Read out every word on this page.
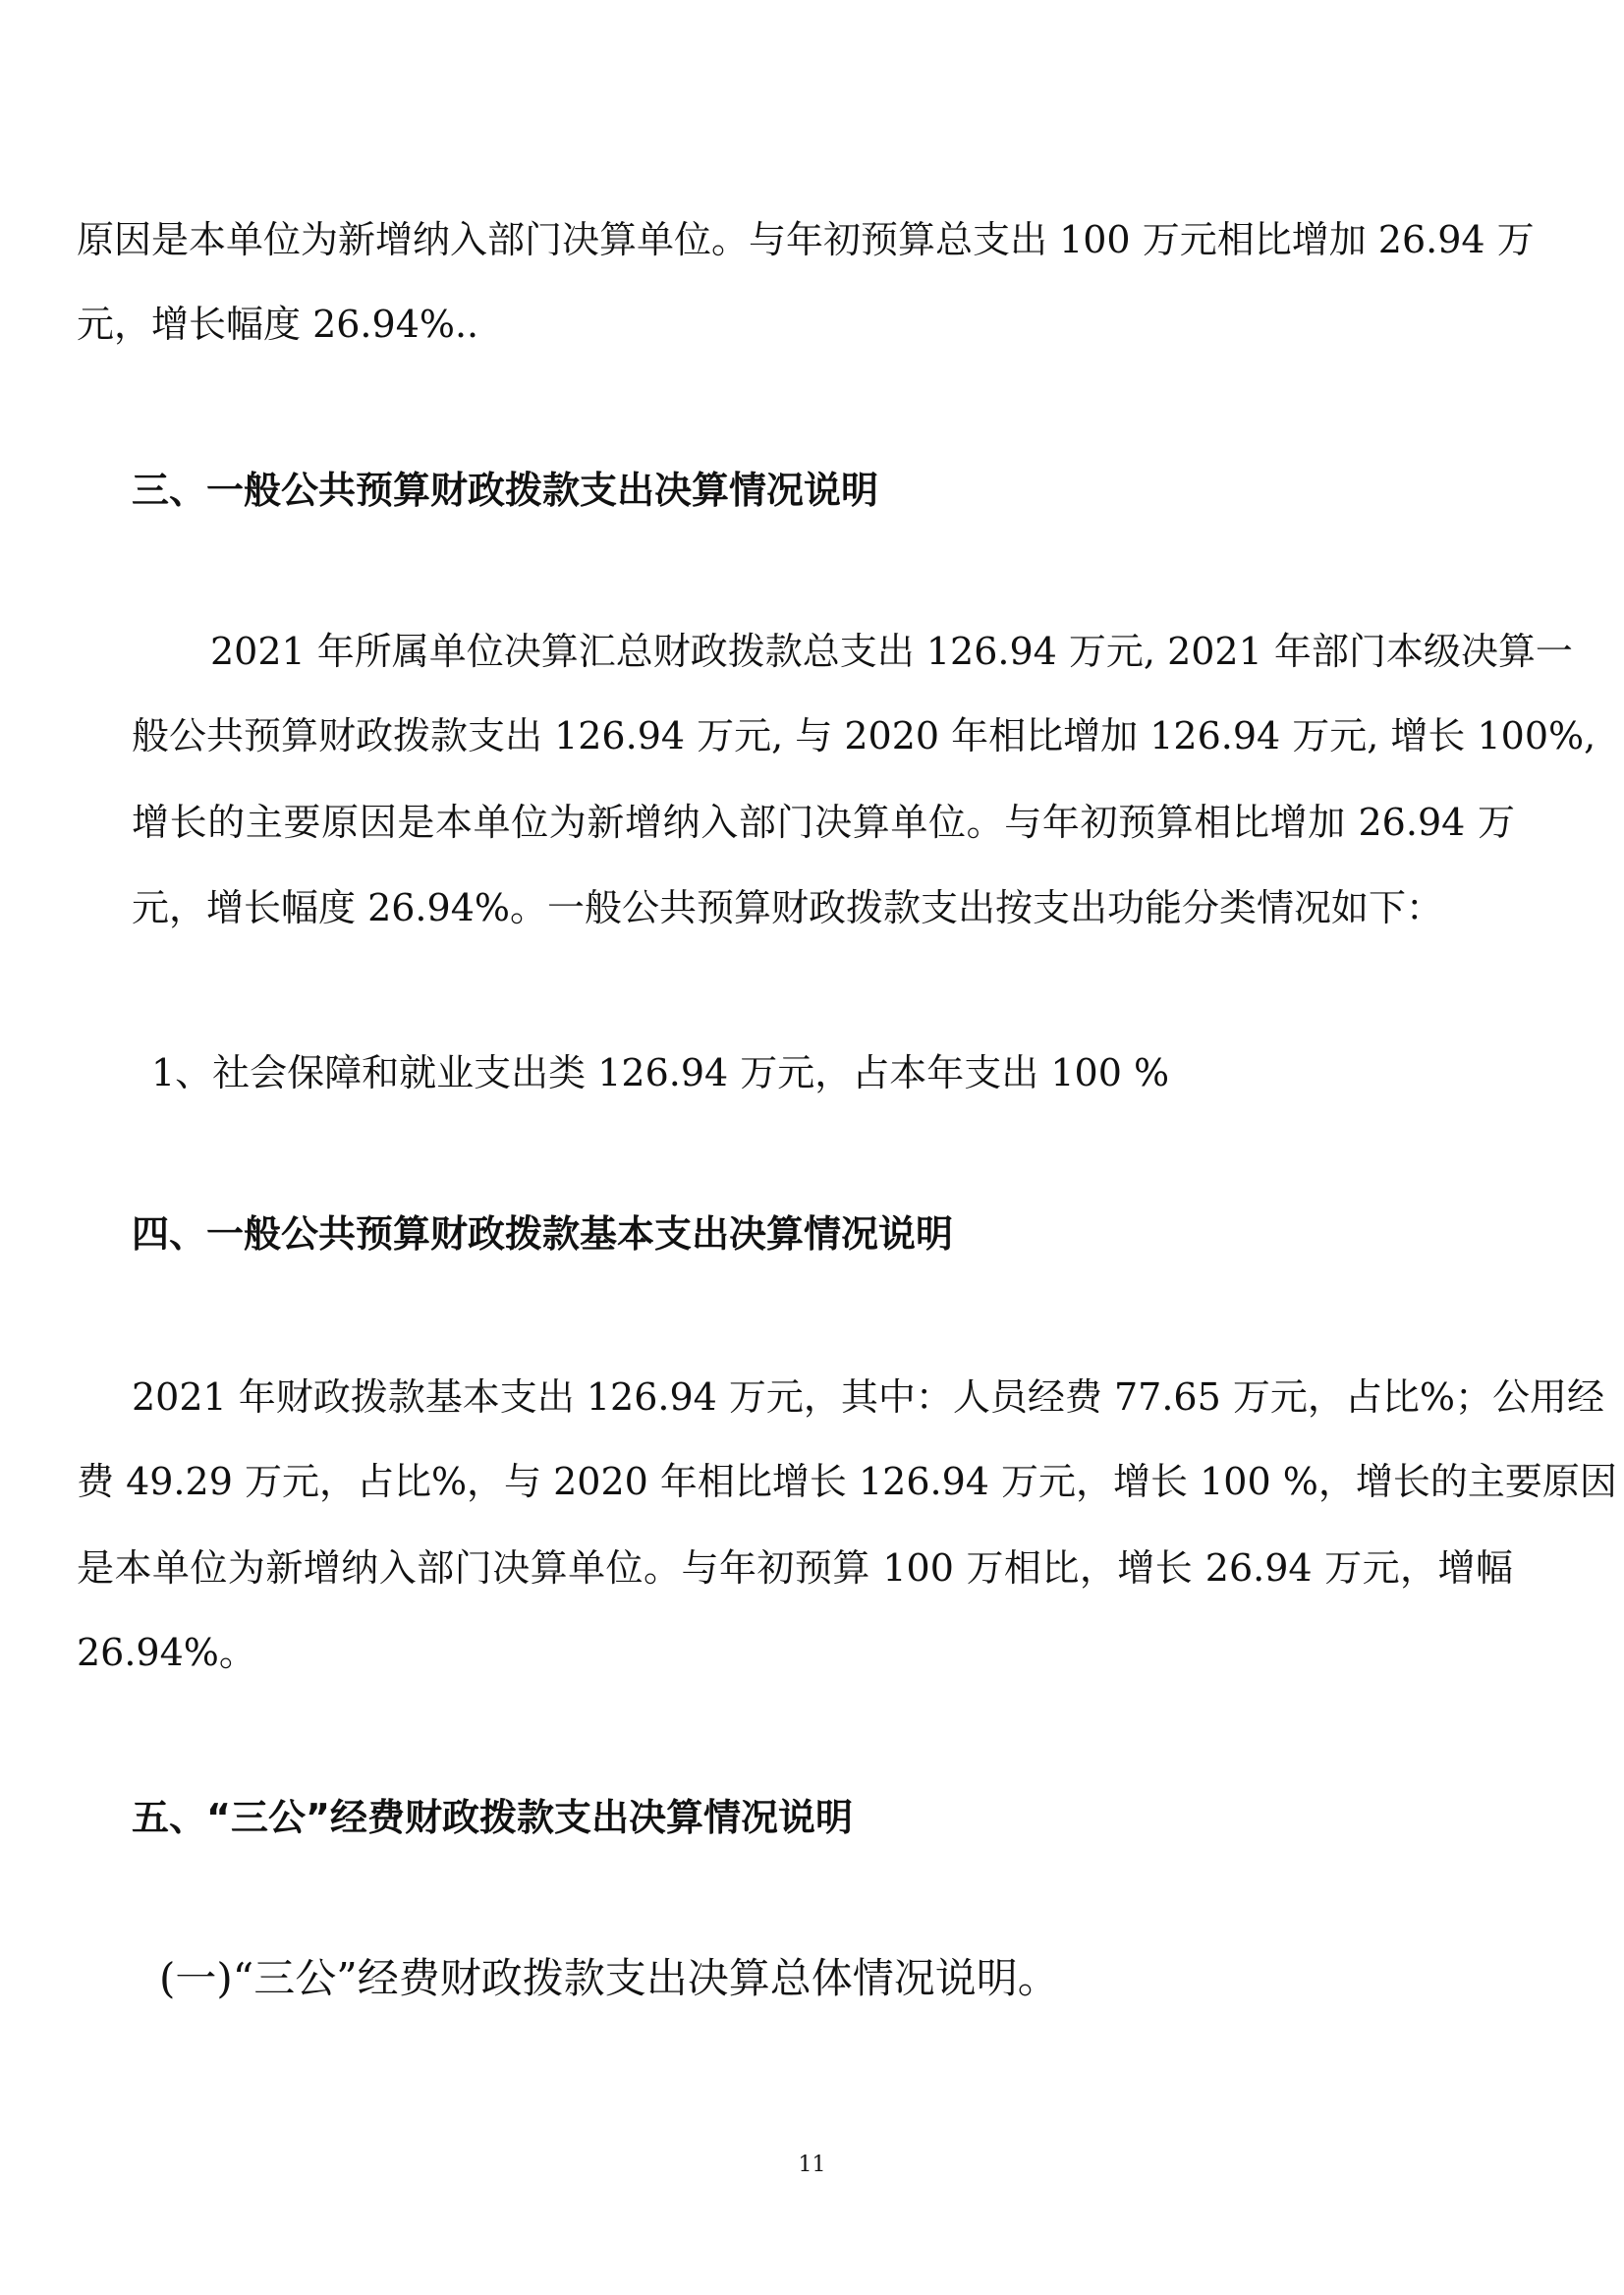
原因是本单位为新增纳入部门决算单位。与年初预算总支出 100 万元相比增加 26.94 万
元，增长幅度 26.94%..
三、一般公共预算财政拨款支出决算情况说明
2021 年所属单位决算汇总财政拨款总支出 126.94 万元, 2021 年部门本级决算一
般公共预算财政拨款支出 126.94 万元, 与 2020 年相比增加 126.94 万元, 增长 100%,
增长的主要原因是本单位为新增纳入部门决算单位。与年初预算相比增加 26.94 万
元，增长幅度 26.94%。一般公共预算财政拨款支出按支出功能分类情况如下：
1、社会保障和就业支出类 126.94 万元，占本年支出 100 %
四、一般公共预算财政拨款基本支出决算情况说明
2021 年财政拨款基本支出 126.94 万元，其中：人员经费 77.65 万元，占比%；公用经
费 49.29 万元，占比%，与 2020 年相比增长 126.94 万元，增长 100 %，增长的主要原因
是本单位为新增纳入部门决算单位。与年初预算 100 万相比，增长 26.94 万元，增幅
26.94%。
五、“三公”经费财政拨款支出决算情况说明
(一)“三公”经费财政拨款支出决算总体情况说明。
11
